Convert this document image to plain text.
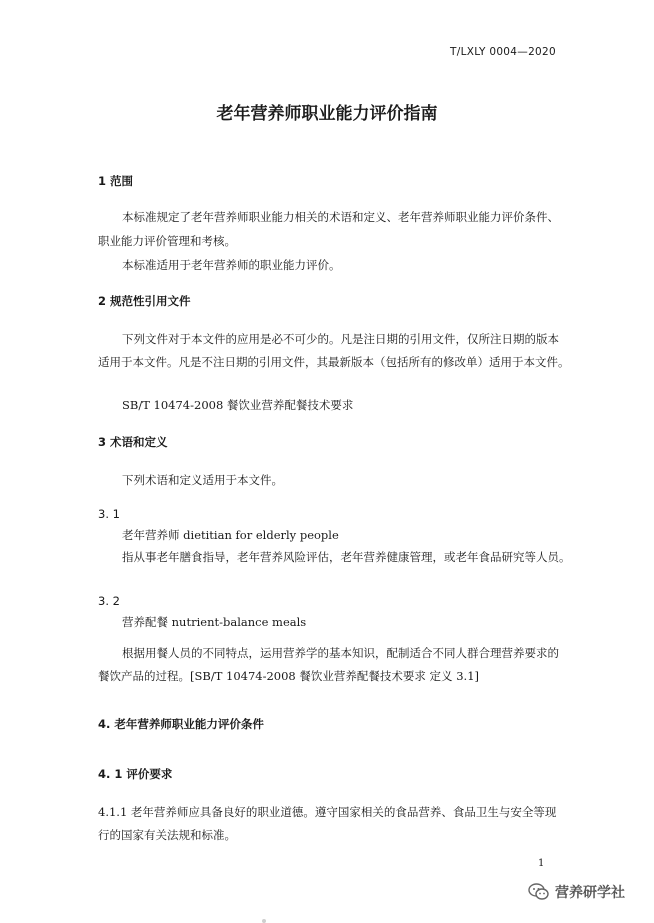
T/LXLY 0004—2020
老年营养师职业能力评价指南
1 范围
本标准规定了老年营养师职业能力相关的术语和定义、老年营养师职业能力评价条件、
职业能力评价管理和考核。
本标准适用于老年营养师的职业能力评价。
2 规范性引用文件
下列文件对于本文件的应用是必不可少的。凡是注日期的引用文件，仅所注日期的版本
适用于本文件。凡是不注日期的引用文件，其最新版本（包括所有的修改单）适用于本文件。
SB/T 10474-2008 餐饮业营养配餐技术要求
3 术语和定义
下列术语和定义适用于本文件。
3. 1
老年营养师 dietitian for elderly people
指从事老年膳食指导，老年营养风险评估，老年营养健康管理，或老年食品研究等人员。
3. 2
营养配餐 nutrient-balance meals
根据用餐人员的不同特点，运用营养学的基本知识，配制适合不同人群合理营养要求的
餐饮产品的过程。[SB/T 10474-2008 餐饮业营养配餐技术要求 定义 3.1]
4. 老年营养师职业能力评价条件
4. 1 评价要求
4.1.1 老年营养师应具备良好的职业道德。遵守国家相关的食品营养、食品卫生与安全等现
行的国家有关法规和标准。
1
营养研学社
